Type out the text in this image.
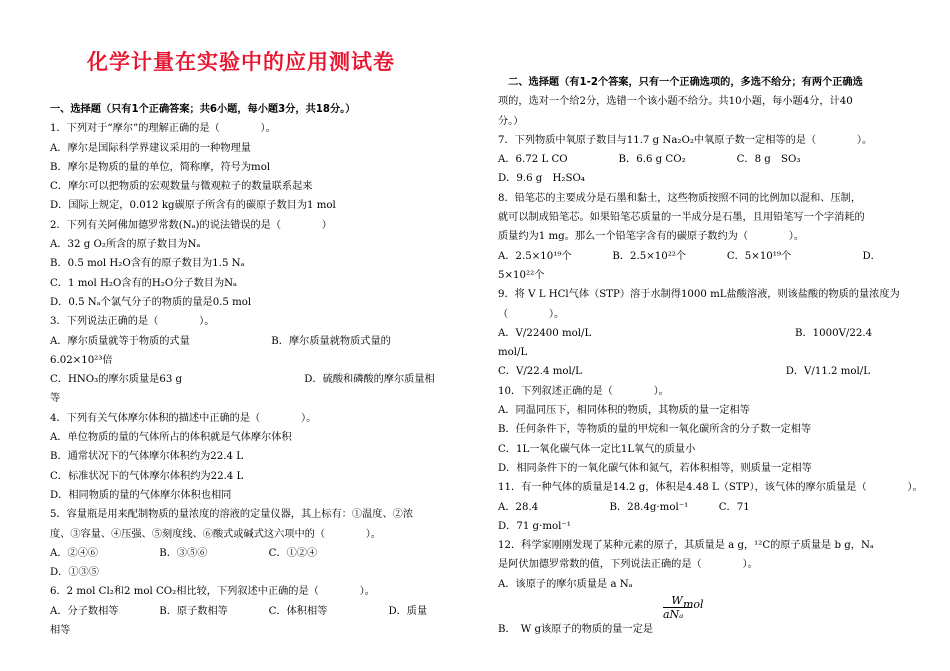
化学计量在实验中的应用测试卷
一、选择题（只有1个正确答案；共6小题，每小题3分，共18分。）
1．下列对于“摩尔”的理解正确的是（　　　　）。
A．摩尔是国际科学界建议采用的一种物理量
B．摩尔是物质的量的单位，简称摩，符号为mol
C．摩尔可以把物质的宏观数量与微观粒子的数量联系起来
D．国际上规定，0.012 kg碳原子所含有的碳原子数目为1 mol
2．下列有关阿佛加德罗常数(Nₐ)的说法错误的是（　　　　）
A．32 g O₂所含的原子数目为Nₐ
B．0.5 mol H₂O含有的原子数目为1.5 Nₐ
C．1 mol H₂O含有的H₂O分子数目为Nₐ
D．0.5 Nₐ个氯气分子的物质的量是0.5 mol
3．下列说法正确的是（　　　　）。
A．摩尔质量就等于物质的式量　　　　　　　　B．摩尔质量就物质式量的
6.02×10²³倍
C．HNO₃的摩尔质量是63 g　　　　　　　　　　　　D．硫酸和磷酸的摩尔质量相
等
4．下列有关气体摩尔体积的描述中正确的是（　　　　）。
A．单位物质的量的气体所占的体积就是气体摩尔体积
B．通常状况下的气体摩尔体积约为22.4 L
C．标准状况下的气体摩尔体积约为22.4 L
D．相同物质的量的气体摩尔体积也相同
5．容量瓶是用来配制物质的量浓度的溶液的定量仪器，其上标有：①温度、②浓
度、③容量、④压强、⑤刻度线、⑥酸式或碱式这六项中的（　　　　）。
A．②④⑥　　　　　　B．③⑤⑥　　　　　　C．①②④
D．①③⑤
6．2 mol Cl₂和2 mol CO₂相比较，下列叙述中正确的是（　　　　）。
A．分子数相等　　　　B．原子数相等　　　　C．体积相等　　　　　　D．质量
相等
　二、选择题（有1-2个答案，只有一个正确选项的，多选不给分；有两个正确选
项的，选对一个给2分，选错一个该小题不给分。共10小题，每小题4分，计40
分。）
7．下列物质中氧原子数目与11.7 g Na₂O₂中氧原子数一定相等的是（　　　　）。
A．6.72 L CO　　　　　B．6.6 g CO₂　　　　　C．8 g　SO₃
D．9.6 g　H₂SO₄
8．铅笔芯的主要成分是石墨和黏土，这些物质按照不同的比例加以混和、压制，
就可以制成铅笔芯。如果铅笔芯质量的一半成分是石墨，且用铅笔写一个字消耗的
质量约为1 mg。那么一个铅笔字含有的碳原子数约为（　　　　）。
A．2.5×10¹⁹个　　　　B．2.5×10²²个　　　　C．5×10¹⁹个　　　　　　　D．
5×10²²个
9．将 V L HCl气体（STP）溶于水制得1000 mL盐酸溶液，则该盐酸的物质的量浓度为
（　　　　）。
A．V/22400 mol/L　　　　　　　　　　　　　　　　　　　　B．1000V/22.4
mol/L
C．V/22.4 mol/L　　　　　　　　　　　　　　　　　　　　D．V/11.2 mol/L
10．下列叙述正确的是（　　　　）。
A．同温同压下，相同体积的物质，其物质的量一定相等
B．任何条件下，等物质的量的甲烷和一氧化碳所含的分子数一定相等
C．1L一氧化碳气体一定比1L氧气的质量小
D．相同条件下的一氧化碳气体和氮气，若体积相等，则质量一定相等
11．有一种气体的质量是14.2 g，体积是4.48 L（STP），该气体的摩尔质量是（　　　　）。
A．28.4　　　　　　　B．28.4g·mol⁻¹　　　C．71
D．71 g·mol⁻¹
12．科学家刚刚发现了某种元素的原子，其质量是 a g，¹²C的原子质量是 b g，Nₐ
是阿伏加德罗常数的值，下列说法正确的是（　　　　）。
A．该原子的摩尔质量是 a Nₐ
B．　W g该原子的物质的量一定是
W
aNₐ
mol
